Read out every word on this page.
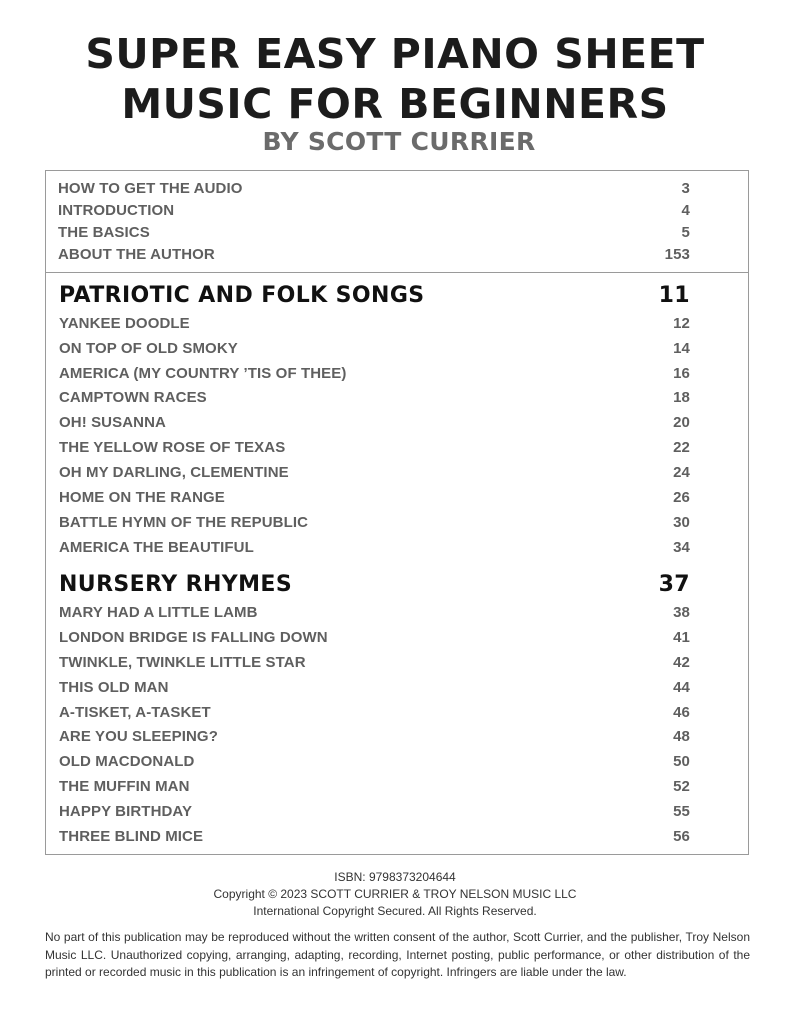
SUPER EASY PIANO SHEET
MUSIC FOR BEGINNERS
BY SCOTT CURRIER
HOW TO GET THE AUDIO	3
INTRODUCTION	4
THE BASICS	5
ABOUT THE AUTHOR	153
PATRIOTIC AND FOLK SONGS	11
YANKEE DOODLE	12
ON TOP OF OLD SMOKY	14
AMERICA (MY COUNTRY ’TIS OF THEE)	16
CAMPTOWN RACES	18
OH! SUSANNA	20
THE YELLOW ROSE OF TEXAS	22
OH MY DARLING, CLEMENTINE	24
HOME ON THE RANGE	26
BATTLE HYMN OF THE REPUBLIC	30
AMERICA THE BEAUTIFUL	34
NURSERY RHYMES	37
MARY HAD A LITTLE LAMB	38
LONDON BRIDGE IS FALLING DOWN	41
TWINKLE, TWINKLE LITTLE STAR	42
THIS OLD MAN	44
A-TISKET, A-TASKET	46
ARE YOU SLEEPING?	48
OLD MACDONALD	50
THE MUFFIN MAN	52
HAPPY BIRTHDAY	55
THREE BLIND MICE	56
ISBN: 9798373204644
Copyright © 2023 SCOTT CURRIER & TROY NELSON MUSIC LLC
International Copyright Secured. All Rights Reserved.
No part of this publication may be reproduced without the written consent of the author, Scott Currier, and the publisher, Troy Nelson Music LLC. Unauthorized copying, arranging, adapting, recording, Internet posting, public performance, or other distribution of the printed or recorded music in this publication is an infringement of copyright. Infringers are liable under the law.
